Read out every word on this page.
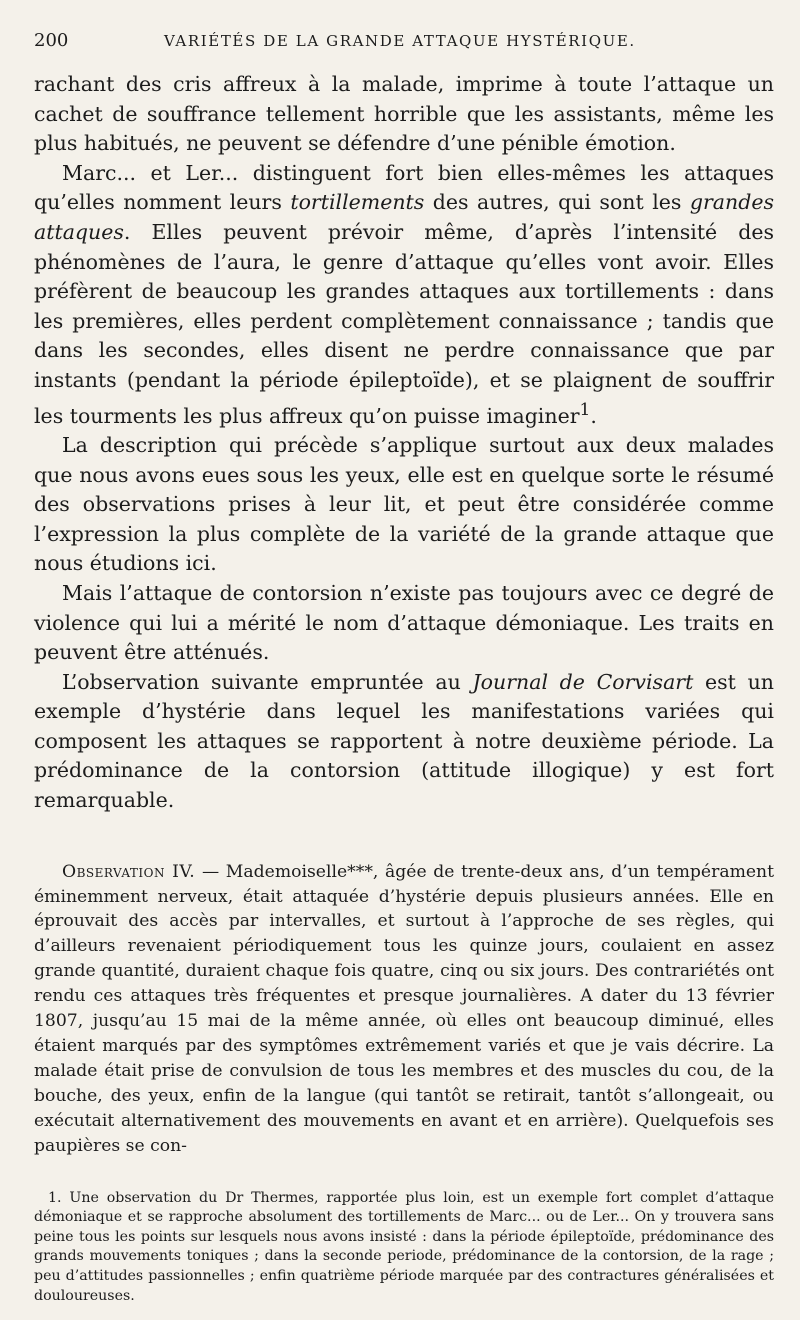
200	VARIÉTÉS DE LA GRANDE ATTAQUE HYSTÉRIQUE.

rachant des cris affreux à la malade, imprime à toute l’attaque un cachet de souffrance tellement horrible que les assistants, même les plus habitués, ne peuvent se défendre d’une pénible émotion.

Marc... et Ler... distinguent fort bien elles-mêmes les attaques qu’elles nomment leurs tortillements des autres, qui sont les grandes attaques. Elles peuvent prévoir même, d’après l’intensité des phénomènes de l’aura, le genre d’attaque qu’elles vont avoir. Elles préfèrent de beaucoup les grandes attaques aux tortillements : dans les premières, elles perdent complètement connaissance ; tandis que dans les secondes, elles disent ne perdre connaissance que par instants (pendant la période épileptoïde), et se plaignent de souffrir les tourments les plus affreux qu’on puisse imaginer$^1$.

La description qui précède s’applique surtout aux deux malades que nous avons eues sous les yeux, elle est en quelque sorte le résumé des observations prises à leur lit, et peut être considérée comme l’expression la plus complète de la variété de la grande attaque que nous étudions ici.

Mais l’attaque de contorsion n’existe pas toujours avec ce degré de violence qui lui a mérité le nom d’attaque démoniaque. Les traits en peuvent être atténués.

L’observation suivante empruntée au Journal de Corvisart est un exemple d’hystérie dans lequel les manifestations variées qui composent les attaques se rapportent à notre deuxième période. La prédominance de la contorsion (attitude illogique) y est fort remarquable.

Observation IV. — Mademoiselle***, âgée de trente-deux ans, d’un tempérament éminemment nerveux, était attaquée d’hystérie depuis plusieurs années. Elle en éprouvait des accès par intervalles, et surtout à l’approche de ses règles, qui d’ailleurs revenaient périodiquement tous les quinze jours, coulaient en assez grande quantité, duraient chaque fois quatre, cinq ou six jours. Des contrariétés ont rendu ces attaques très fréquentes et presque journalières. A dater du 13 février 1807, jusqu’au 15 mai de la même année, où elles ont beaucoup diminué, elles étaient marqués par des symptômes extrêmement variés et que je vais décrire. La malade était prise de convulsion de tous les membres et des muscles du cou, de la bouche, des yeux, enfin de la langue (qui tantôt se retirait, tantôt s’allongeait, ou exécutait alternativement des mouvements en avant et en arrière). Quelquefois ses paupières se con-

1. Une observation du Dr Thermes, rapportée plus loin, est un exemple fort complet d’attaque démoniaque et se rapproche absolument des tortillements de Marc... ou de Ler... On y trouvera sans peine tous les points sur lesquels nous avons insisté : dans la période épileptoïde, prédominance des grands mouvements toniques ; dans la seconde periode, prédominance de la contorsion, de la rage ; peu d’attitudes passionnelles ; enfin quatrième période marquée par des contractures généralisées et douloureuses.
